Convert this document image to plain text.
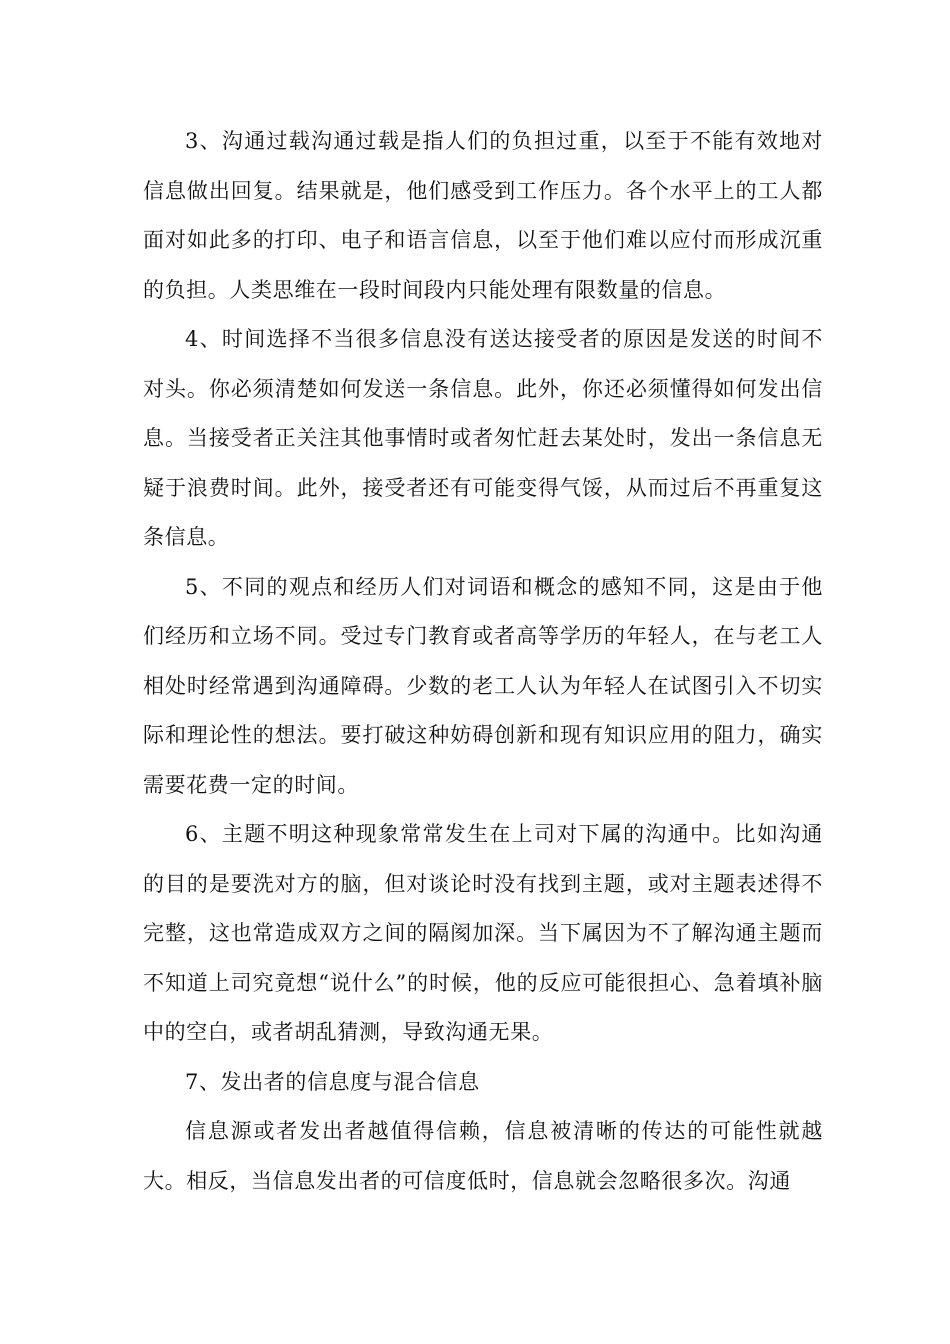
3、沟通过载沟通过载是指人们的负担过重，以至于不能有效地对信息做出回复。结果就是，他们感受到工作压力。各个水平上的工人都面对如此多的打印、电子和语言信息，以至于他们难以应付而形成沉重的负担。人类思维在一段时间段内只能处理有限数量的信息。

4、时间选择不当很多信息没有送达接受者的原因是发送的时间不对头。你必须清楚如何发送一条信息。此外，你还必须懂得如何发出信息。当接受者正关注其他事情时或者匆忙赶去某处时，发出一条信息无疑于浪费时间。此外，接受者还有可能变得气馁，从而过后不再重复这条信息。

5、不同的观点和经历人们对词语和概念的感知不同，这是由于他们经历和立场不同。受过专门教育或者高等学历的年轻人，在与老工人相处时经常遇到沟通障碍。少数的老工人认为年轻人在试图引入不切实际和理论性的想法。要打破这种妨碍创新和现有知识应用的阻力，确实需要花费一定的时间。

6、主题不明这种现象常常发生在上司对下属的沟通中。比如沟通的目的是要洗对方的脑，但对谈论时没有找到主题，或对主题表述得不完整，这也常造成双方之间的隔阂加深。当下属因为不了解沟通主题而不知道上司究竟想“说什么”的时候，他的反应可能很担心、急着填补脑中的空白，或者胡乱猜测，导致沟通无果。

7、发出者的信息度与混合信息

信息源或者发出者越值得信赖，信息被清晰的传达的可能性就越大。相反，当信息发出者的可信度低时，信息就会忽略很多次。沟通
